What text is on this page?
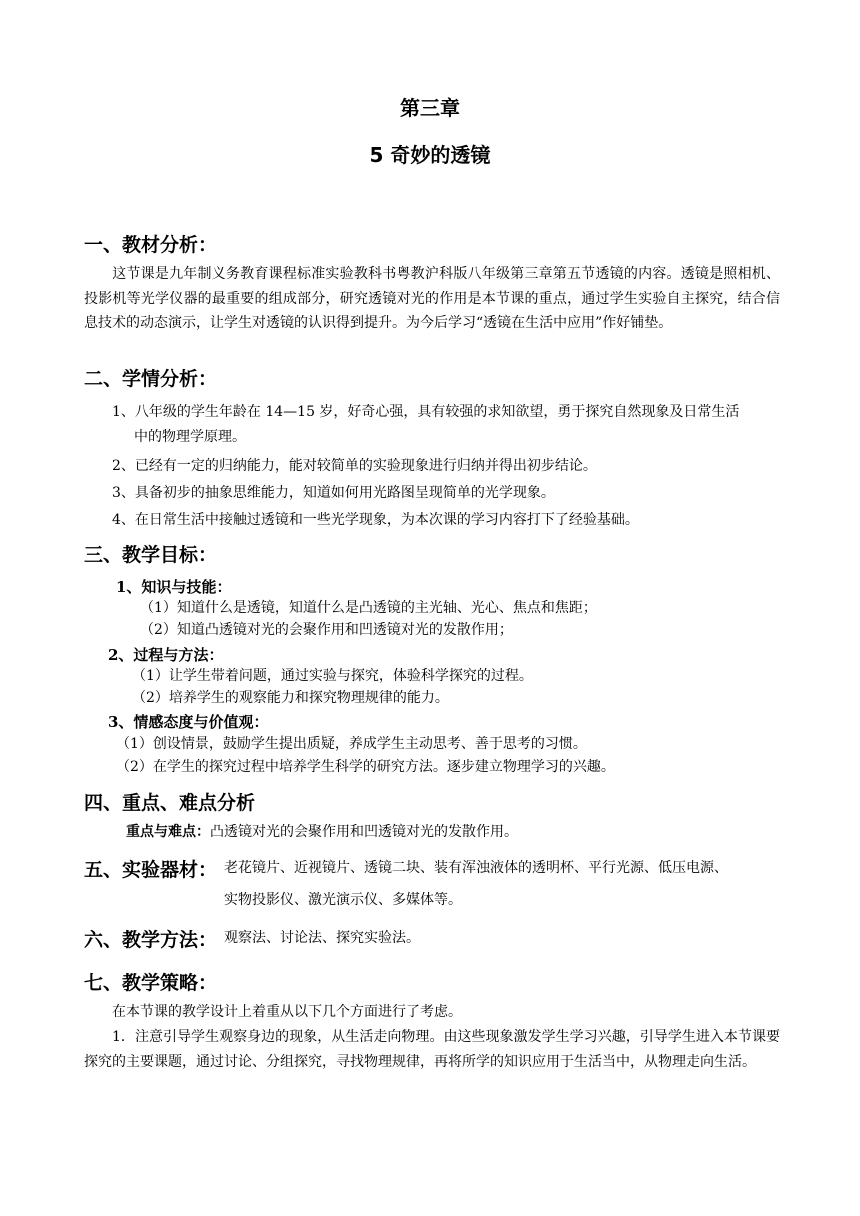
第三章
5 奇妙的透镜
一、教材分析：
这节课是九年制义务教育课程标准实验教科书粤教沪科版八年级第三章第五节透镜的内容。透镜是照相机、投影机等光学仪器的最重要的组成部分，研究透镜对光的作用是本节课的重点，通过学生实验自主探究，结合信息技术的动态演示，让学生对透镜的认识得到提升。为今后学习“透镜在生活中应用”作好铺垫。
二、学情分析：
1、八年级的学生年龄在 14—15 岁，好奇心强，具有较强的求知欲望，勇于探究自然现象及日常生活
中的物理学原理。
2、已经有一定的归纳能力，能对较简单的实验现象进行归纳并得出初步结论。
3、具备初步的抽象思维能力，知道如何用光路图呈现简单的光学现象。
4、在日常生活中接触过透镜和一些光学现象，为本次课的学习内容打下了经验基础。
三、教学目标：
1、知识与技能：
（1）知道什么是透镜，知道什么是凸透镜的主光轴、光心、焦点和焦距；
（2）知道凸透镜对光的会聚作用和凹透镜对光的发散作用；
2、过程与方法：
（1）让学生带着问题，通过实验与探究，体验科学探究的过程。
（2）培养学生的观察能力和探究物理规律的能力。
3、情感态度与价值观：
（1）创设情景，鼓励学生提出质疑，养成学生主动思考、善于思考的习惯。
（2）在学生的探究过程中培养学生科学的研究方法。逐步建立物理学习的兴趣。
四、重点、难点分析
重点与难点：凸透镜对光的会聚作用和凹透镜对光的发散作用。
五、实验器材： 老花镜片、近视镜片、透镜二块、装有浑浊液体的透明杯、平行光源、低压电源、
实物投影仪、激光演示仪、多媒体等。
六、教学方法： 观察法、讨论法、探究实验法。
七、教学策略：
在本节课的教学设计上着重从以下几个方面进行了考虑。
1．注意引导学生观察身边的现象，从生活走向物理。由这些现象激发学生学习兴趣，引导学生进入本节课要探究的主要课题，通过讨论、分组探究，寻找物理规律，再将所学的知识应用于生活当中，从物理走向生活。
